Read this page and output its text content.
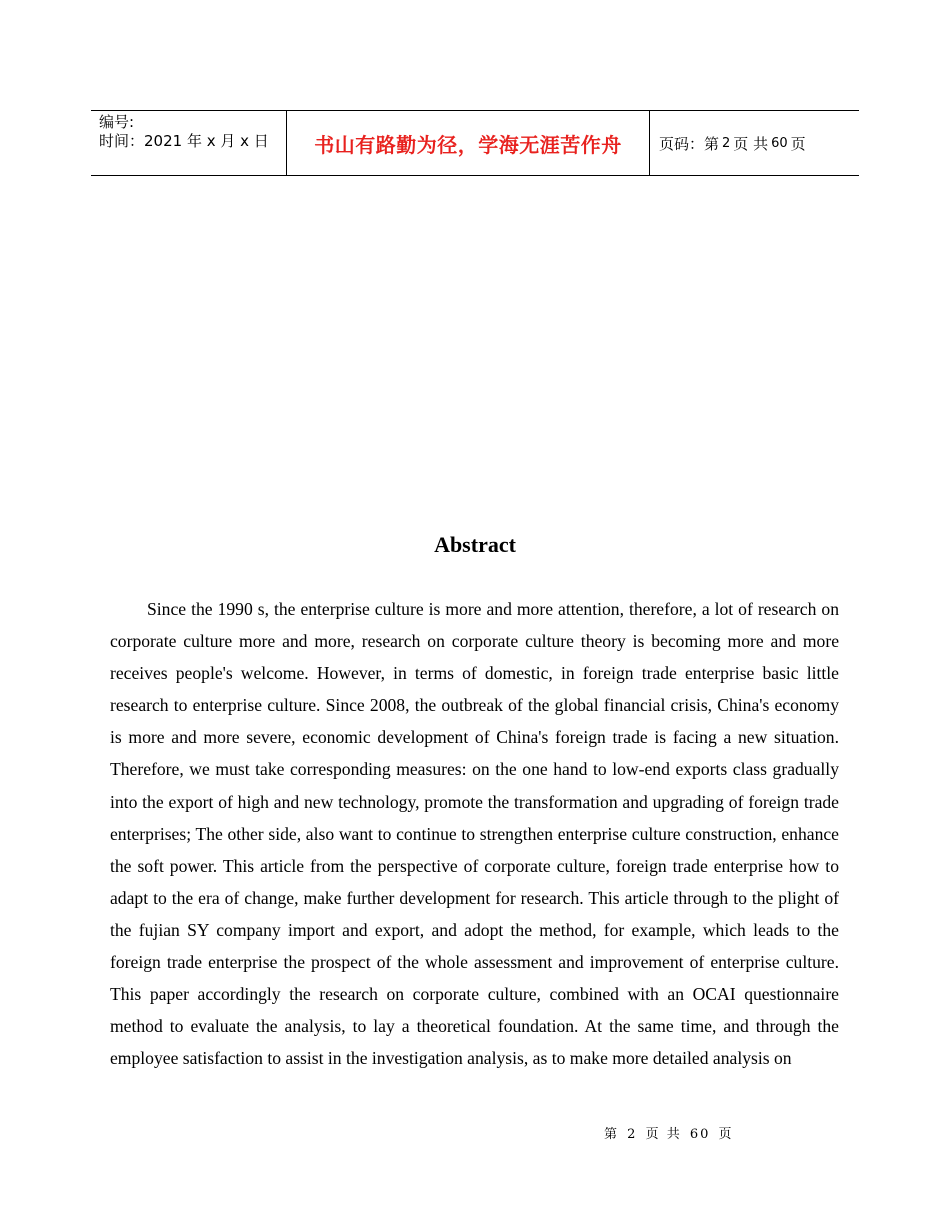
编号:
时间：2021 年 x 月 x 日	书山有路勤为径，学海无涯苦作舟 页码：第 2 页 共 60 页
Abstract

Since the 1990 s, the enterprise culture is more and more attention, therefore, a lot of research on corporate culture more and more, research on corporate culture theory is becoming more and more receives people's welcome. However, in terms of domestic, in foreign trade enterprise basic little research to enterprise culture. Since 2008, the outbreak of the global financial crisis, China's economy is more and more severe, economic development of China's foreign trade is facing a new situation. Therefore, we must take corresponding measures: on the one hand to low-end exports class gradually into the export of high and new technology, promote the transformation and upgrading of foreign trade enterprises; The other side, also want to continue to strengthen enterprise culture construction, enhance the soft power. This article from the perspective of corporate culture, foreign trade enterprise how to adapt to the era of change, make further development for research. This article through to the plight of the fujian SY company import and export, and adopt the method, for example, which leads to the foreign trade enterprise the prospect of the whole assessment and improvement of enterprise culture. This paper accordingly the research on corporate culture, combined with an OCAI questionnaire method to evaluate the analysis, to lay a theoretical foundation. At the same time, and through the employee satisfaction to assist in the investigation analysis, as to make more detailed analysis on

第 2 页 共 60 页
